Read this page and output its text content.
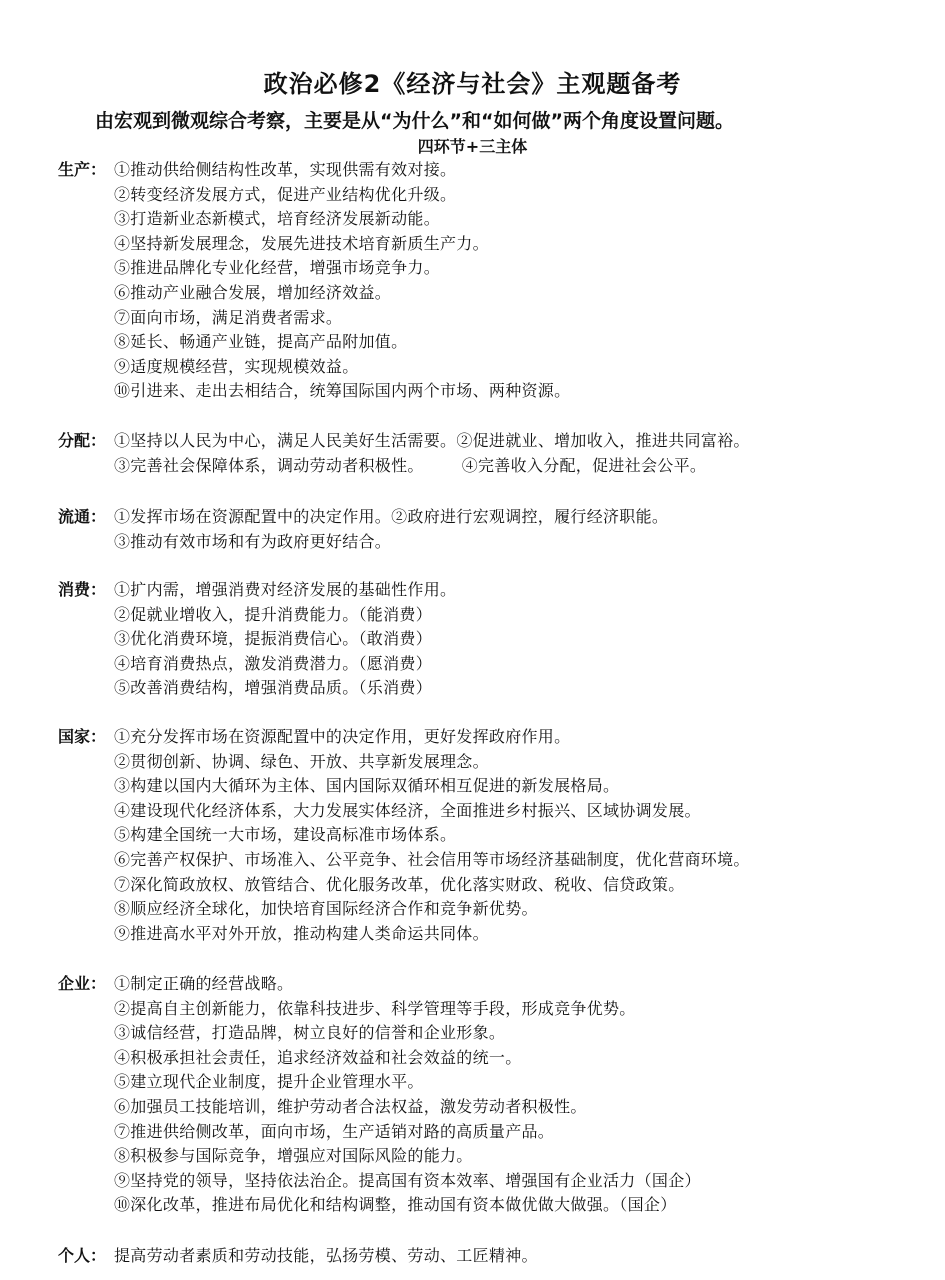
政治必修2《经济与社会》主观题备考
由宏观到微观综合考察，主要是从“为什么”和“如何做”两个角度设置问题。
四环节+三主体
生产： ①推动供给侧结构性改革，实现供需有效对接。
②转变经济发展方式，促进产业结构优化升级。
③打造新业态新模式，培育经济发展新动能。
④坚持新发展理念，发展先进技术培育新质生产力。
⑤推进品牌化专业化经营，增强市场竞争力。
⑥推动产业融合发展，增加经济效益。
⑦面向市场，满足消费者需求。
⑧延长、畅通产业链，提高产品附加值。
⑨适度规模经营，实现规模效益。
⑩引进来、走出去相结合，统筹国际国内两个市场、两种资源。
分配： ①坚持以人民为中心，满足人民美好生活需要。②促进就业、增加收入，推进共同富裕。
③完善社会保障体系，调动劳动者积极性。 ④完善收入分配，促进社会公平。
流通： ①发挥市场在资源配置中的决定作用。②政府进行宏观调控，履行经济职能。
③推动有效市场和有为政府更好结合。
消费： ①扩内需，增强消费对经济发展的基础性作用。
②促就业增收入，提升消费能力。（能消费）
③优化消费环境，提振消费信心。（敢消费）
④培育消费热点，激发消费潜力。（愿消费）
⑤改善消费结构，增强消费品质。（乐消费）
国家： ①充分发挥市场在资源配置中的决定作用，更好发挥政府作用。
②贯彻创新、协调、绿色、开放、共享新发展理念。
③构建以国内大循环为主体、国内国际双循环相互促进的新发展格局。
④建设现代化经济体系，大力发展实体经济，全面推进乡村振兴、区域协调发展。
⑤构建全国统一大市场，建设高标准市场体系。
⑥完善产权保护、市场准入、公平竞争、社会信用等市场经济基础制度，优化营商环境。
⑦深化简政放权、放管结合、优化服务改革，优化落实财政、税收、信贷政策。
⑧顺应经济全球化，加快培育国际经济合作和竞争新优势。
⑨推进高水平对外开放，推动构建人类命运共同体。
企业： ①制定正确的经营战略。
②提高自主创新能力，依靠科技进步、科学管理等手段，形成竞争优势。
③诚信经营，打造品牌，树立良好的信誉和企业形象。
④积极承担社会责任，追求经济效益和社会效益的统一。
⑤建立现代企业制度，提升企业管理水平。
⑥加强员工技能培训，维护劳动者合法权益，激发劳动者积极性。
⑦推进供给侧改革，面向市场，生产适销对路的高质量产品。
⑧积极参与国际竞争，增强应对国际风险的能力。
⑨坚持党的领导，坚持依法治企。提高国有资本效率、增强国有企业活力（国企）
⑩深化改革，推进布局优化和结构调整，推动国有资本做优做大做强。（国企）
个人： 提高劳动者素质和劳动技能，弘扬劳模、劳动、工匠精神。
